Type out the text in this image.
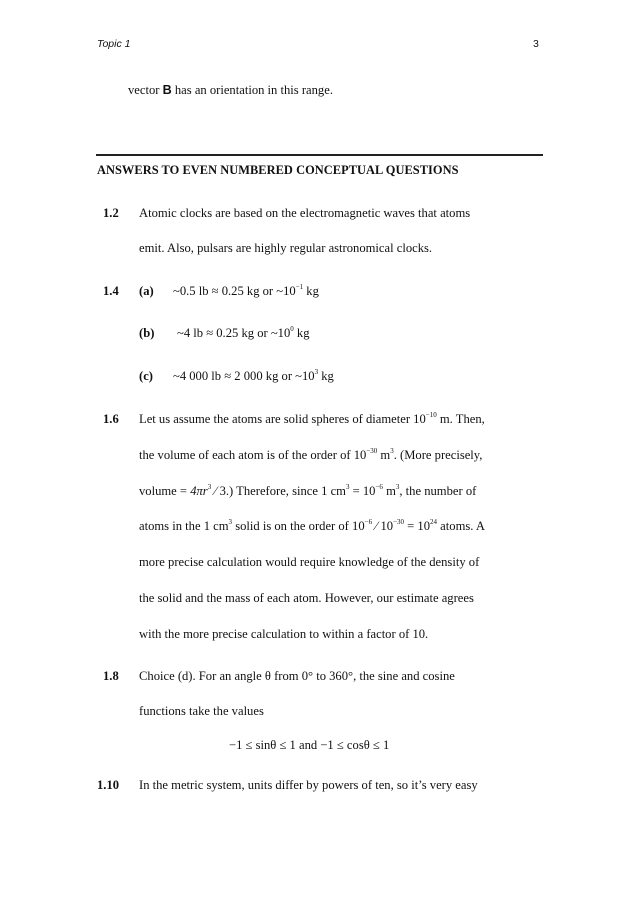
Topic 1	3
vector B has an orientation in this range.
ANSWERS TO EVEN NUMBERED CONCEPTUAL QUESTIONS
1.2 Atomic clocks are based on the electromagnetic waves that atoms
emit. Also, pulsars are highly regular astronomical clocks.
1.4 (a) ~0.5 lb ≈ 0.25 kg or $\sim 10^{-1}$ kg
(b) ~4 lb ≈ 0.25 kg or $\sim 10^0$ kg
(c) ~4 000 lb ≈ 2 000 kg or $\sim 10^3$ kg
1.6 Let us assume the atoms are solid spheres of diameter $10^{-10}$ m. Then,
the volume of each atom is of the order of $10^{-30}$ $m^3$. (More precisely,
volume = $4\pi r^3$ ⁄ 3.) Therefore, since 1 $cm^3 = 10^{-6}$ $m^3$, the number of
atoms in the 1 $cm^3$ solid is on the order of $10^{-6}$ ⁄ $10^{-30} = 10^{24}$ atoms. A
more precise calculation would require knowledge of the density of
the solid and the mass of each atom. However, our estimate agrees
with the more precise calculation to within a factor of 10.
1.8 Choice (d). For an angle θ from 0° to 360°, the sine and cosine
functions take the values
−1 ≤ sinθ ≤ 1 and −1 ≤ cosθ ≤ 1
1.10 In the metric system, units differ by powers of ten, so it’s very easy
